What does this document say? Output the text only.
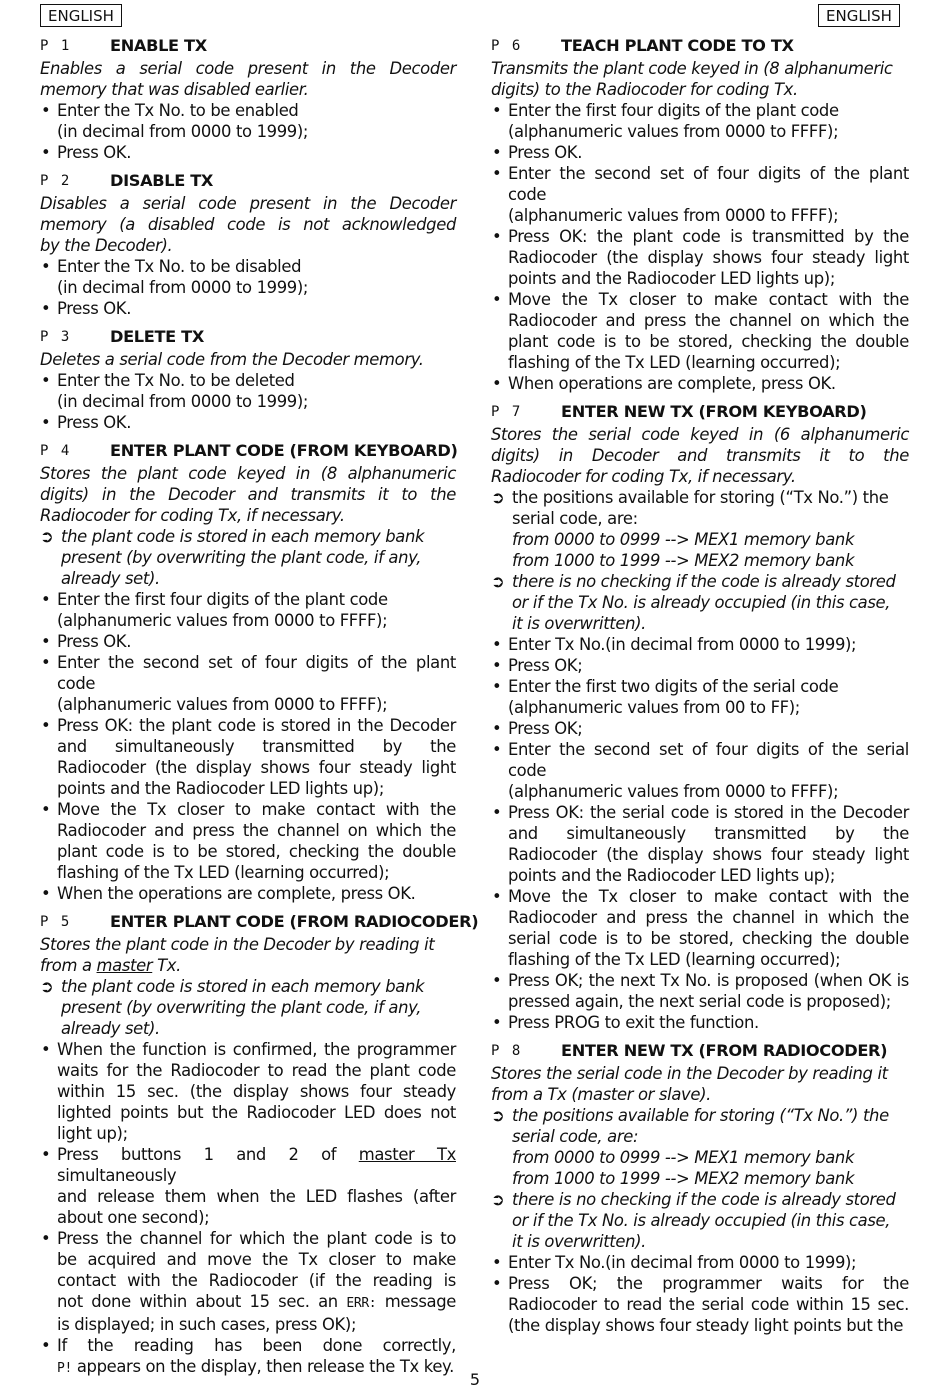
ENGLISH	ENGLISH
P 1 ENABLE TX
Enables a serial code present in the Decoder
memory that was disabled earlier.
• Enter the Tx No. to be enabled
(in decimal from 0000 to 1999);
• Press OK.
P 2 DISABLE TX
Disables a serial code present in the Decoder
memory (a disabled code is not acknowledged
by the Decoder).
• Enter the Tx No. to be disabled
(in decimal from 0000 to 1999);
• Press OK.
P 3 DELETE TX
Deletes a serial code from the Decoder memory.
• Enter the Tx No. to be deleted
(in decimal from 0000 to 1999);
• Press OK.
P 4 ENTER PLANT CODE (FROM KEYBOARD)
Stores the plant code keyed in (8 alphanumeric
digits) in the Decoder and transmits it to the
Radiocoder for coding Tx, if necessary.
➲ the plant code is stored in each memory bank
present (by overwriting the plant code, if any,
already set).
• Enter the first four digits of the plant code
(alphanumeric values from 0000 to FFFF);
• Press OK.
• Enter the second set of four digits of the plant
code
(alphanumeric values from 0000 to FFFF);
• Press OK: the plant code is stored in the Decoder
and simultaneously transmitted by the
Radiocoder (the display shows four steady light
points and the Radiocoder LED lights up);
• Move the Tx closer to make contact with the
Radiocoder and press the channel on which the
plant code is to be stored, checking the double
flashing of the Tx LED (learning occurred);
• When the operations are complete, press OK.
P 5 ENTER PLANT CODE (FROM RADIOCODER)
Stores the plant code in the Decoder by reading it
from a master Tx.
➲ the plant code is stored in each memory bank
present (by overwriting the plant code, if any,
already set).
• When the function is confirmed, the programmer
waits for the Radiocoder to read the plant code
within 15 sec. (the display shows four steady
lighted points but the Radiocoder LED does not
light up);
• Press buttons 1 and 2 of master Tx simultaneously
and release them when the LED flashes (after
about one second);
• Press the channel for which the plant code is to
be acquired and move the Tx closer to make
contact with the Radiocoder (if the reading is
not done within about 15 sec. an ERR: message
is displayed; in such cases, press OK);
• If the reading has been done correctly,
P! appears on the display, then release the Tx key.
P 6 TEACH PLANT CODE TO TX
Transmits the plant code keyed in (8 alphanumeric
digits) to the Radiocoder for coding Tx.
• Enter the first four digits of the plant code
(alphanumeric values from 0000 to FFFF);
• Press OK.
• Enter the second set of four digits of the plant
code
(alphanumeric values from 0000 to FFFF);
• Press OK: the plant code is transmitted by the
Radiocoder (the display shows four steady light
points and the Radiocoder LED lights up);
• Move the Tx closer to make contact with the
Radiocoder and press the channel on which the
plant code is to be stored, checking the double
flashing of the Tx LED (learning occurred);
• When operations are complete, press OK.
P 7 ENTER NEW TX (FROM KEYBOARD)
Stores the serial code keyed in (6 alphanumeric
digits) in Decoder and transmits it to the
Radiocoder for coding Tx, if necessary.
➲ the positions available for storing (“Tx No.”) the
serial code, are:
from 0000 to 0999 --> MEX1 memory bank
from 1000 to 1999 --> MEX2 memory bank
➲ there is no checking if the code is already stored
or if the Tx No. is already occupied (in this case,
it is overwritten).
• Enter Tx No.(in decimal from 0000 to 1999);
• Press OK;
• Enter the first two digits of the serial code
(alphanumeric values from 00 to FF);
• Press OK;
• Enter the second set of four digits of the serial
code
(alphanumeric values from 0000 to FFFF);
• Press OK: the serial code is stored in the Decoder
and simultaneously transmitted by the
Radiocoder (the display shows four steady light
points and the Radiocoder LED lights up);
• Move the Tx closer to make contact with the
Radiocoder and press the channel in which the
serial code is to be stored, checking the double
flashing of the Tx LED (learning occurred);
• Press OK; the next Tx No. is proposed (when OK is
pressed again, the next serial code is proposed);
• Press PROG to exit the function.
P 8 ENTER NEW TX (FROM RADIOCODER)
Stores the serial code in the Decoder by reading it
from a Tx (master or slave).
➲ the positions available for storing (“Tx No.”) the
serial code, are:
from 0000 to 0999 --> MEX1 memory bank
from 1000 to 1999 --> MEX2 memory bank
➲ there is no checking if the code is already stored
or if the Tx No. is already occupied (in this case,
it is overwritten).
• Enter Tx No.(in decimal from 0000 to 1999);
• Press OK; the programmer waits for the
Radiocoder to read the serial code within 15 sec.
(the display shows four steady light points but the
5
